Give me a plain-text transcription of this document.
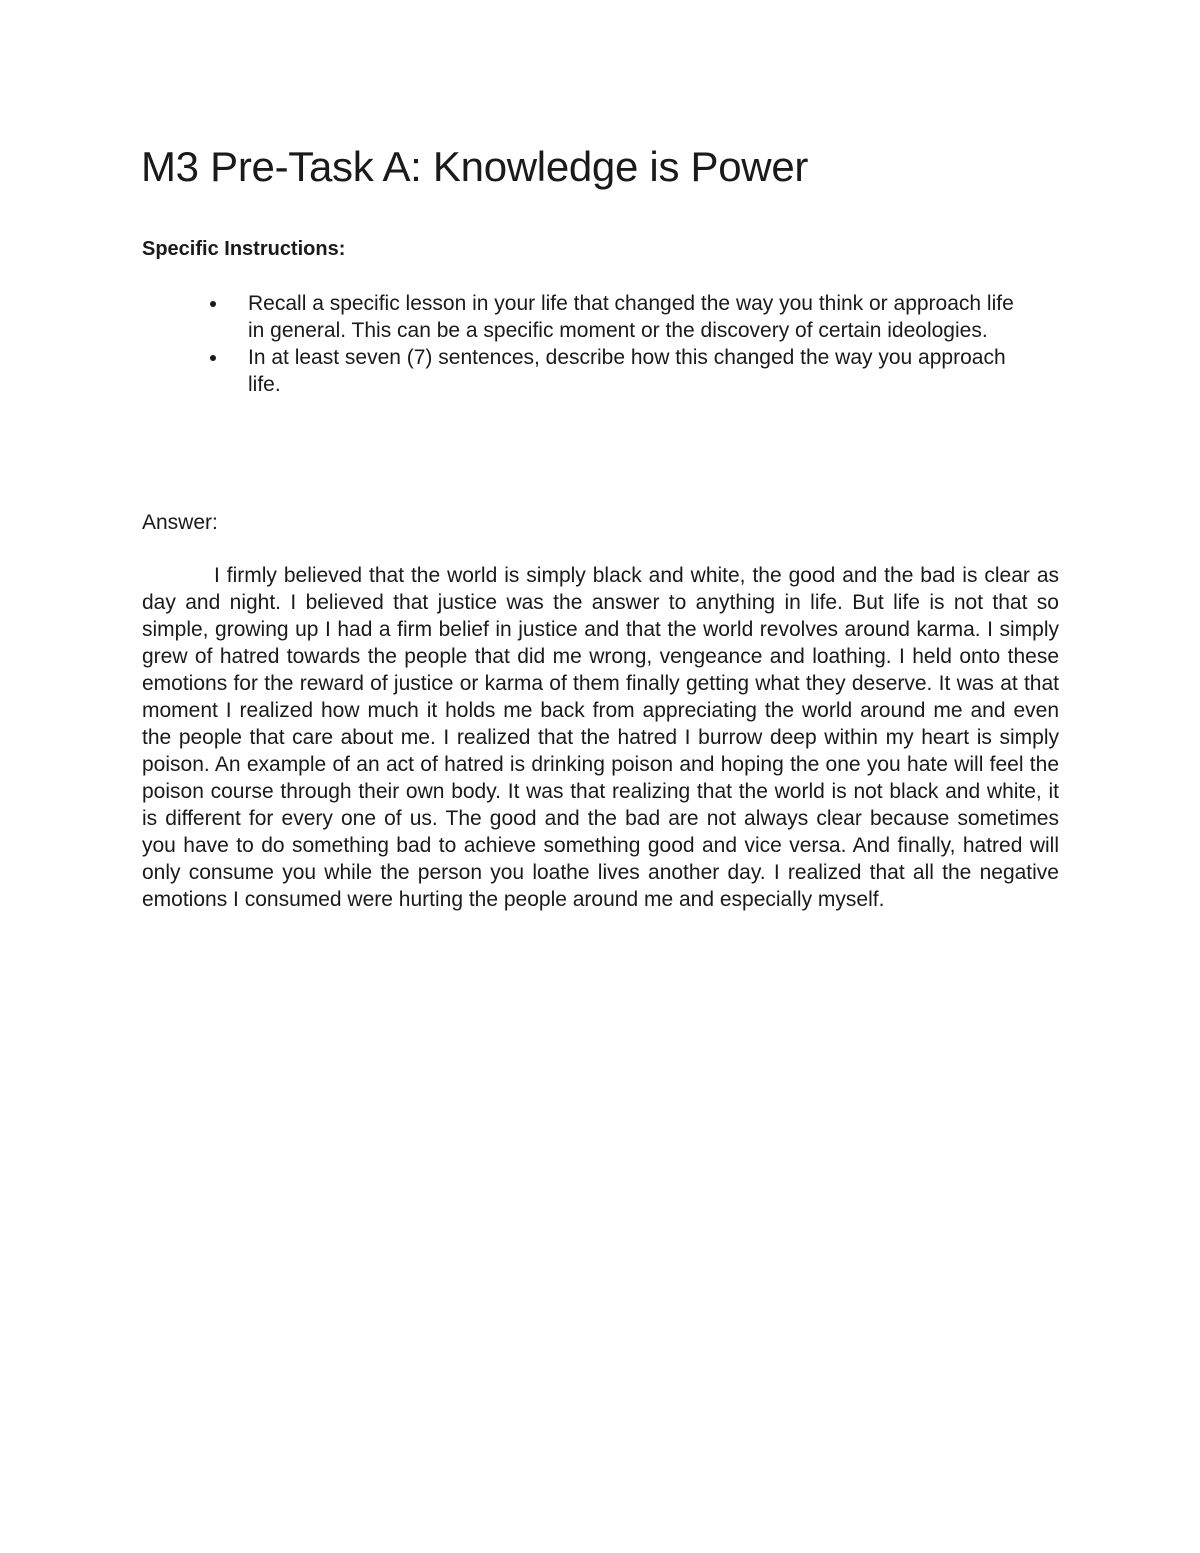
M3 Pre-Task A: Knowledge is Power

Specific Instructions:

Recall a specific lesson in your life that changed the way you think or approach life in general. This can be a specific moment or the discovery of certain ideologies.
In at least seven (7) sentences, describe how this changed the way you approach life.

Answer:

I firmly believed that the world is simply black and white, the good and the bad is clear as day and night. I believed that justice was the answer to anything in life. But life is not that so simple, growing up I had a firm belief in justice and that the world revolves around karma. I simply grew of hatred towards the people that did me wrong, vengeance and loathing. I held onto these emotions for the reward of justice or karma of them finally getting what they deserve. It was at that moment I realized how much it holds me back from appreciating the world around me and even the people that care about me. I realized that the hatred I burrow deep within my heart is simply poison. An example of an act of hatred is drinking poison and hoping the one you hate will feel the poison course through their own body. It was that realizing that the world is not black and white, it is different for every one of us. The good and the bad are not always clear because sometimes you have to do something bad to achieve something good and vice versa. And finally, hatred will only consume you while the person you loathe lives another day. I realized that all the negative emotions I consumed were hurting the people around me and especially myself.
